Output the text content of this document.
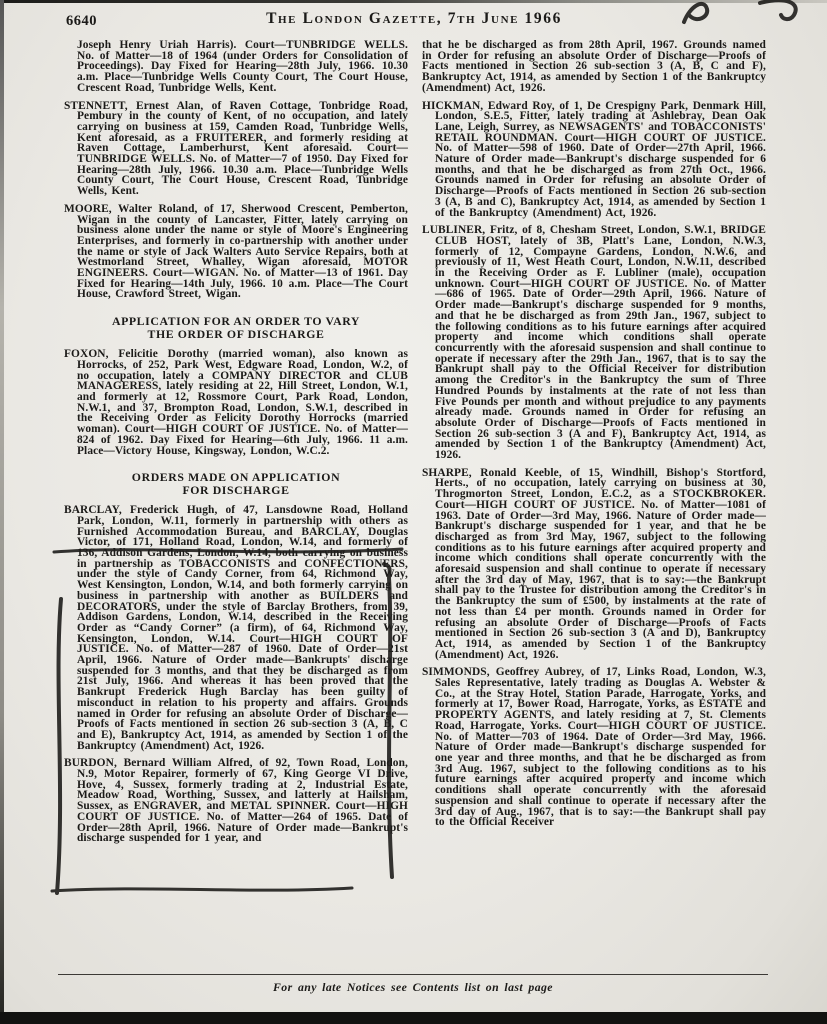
6640	The London Gazette, 7th June 1966

Joseph Henry Uriah Harris). Court—TUNBRIDGE WELLS. No. of Matter—18 of 1964 (under Orders for Consolidation of Proceedings). Day Fixed for Hearing—28th July, 1966. 10.30 a.m. Place—Tunbridge Wells County Court, The Court House, Crescent Road, Tunbridge Wells, Kent.

STENNETT, Ernest Alan, of Raven Cottage, Tonbridge Road, Pembury in the county of Kent, of no occupation, and lately carrying on business at 159, Camden Road, Tunbridge Wells, Kent aforesaid, as a FRUITERER, and formerly residing at Raven Cottage, Lamberhurst, Kent aforesaid. Court—TUNBRIDGE WELLS. No. of Matter—7 of 1950. Day Fixed for Hearing—28th July, 1966. 10.30 a.m. Place—Tunbridge Wells County Court, The Court House, Crescent Road, Tunbridge Wells, Kent.

MOORE, Walter Roland, of 17, Sherwood Crescent, Pemberton, Wigan in the county of Lancaster, Fitter, lately carrying on business alone under the name or style of Moore's Engineering Enterprises, and formerly in co-partnership with another under the name or style of Jack Walters Auto Service Repairs, both at Westmorland Street, Whalley, Wigan aforesaid, MOTOR ENGINEERS. Court—WIGAN. No. of Matter—13 of 1961. Day Fixed for Hearing—14th July, 1966. 10 a.m. Place—The Court House, Crawford Street, Wigan.

APPLICATION FOR AN ORDER TO VARY
THE ORDER OF DISCHARGE

FOXON, Felicitie Dorothy (married woman), also known as Horrocks, of 252, Park West, Edgware Road, London, W.2, of no occupation, lately a COMPANY DIRECTOR and CLUB MANAGERESS, lately residing at 22, Hill Street, London, W.1, and formerly at 12, Rossmore Court, Park Road, London, N.W.1, and 37, Brompton Road, London, S.W.1, described in the Receiving Order as Felicity Dorothy Horrocks (married woman). Court—HIGH COURT OF JUSTICE. No. of Matter—824 of 1962. Day Fixed for Hearing—6th July, 1966. 11 a.m. Place—Victory House, Kingsway, London, W.C.2.

ORDERS MADE ON APPLICATION
FOR DISCHARGE

BARCLAY, Frederick Hugh, of 47, Lansdowne Road, Holland Park, London, W.11, formerly in partnership with others as Furnished Accommodation Bureau, and BARCLAY, Douglas Victor, of 171, Holland Road, London, W.14, and formerly of 136, Addison Gardens, London, W.14, both carrying on business in partnership as TOBACCONISTS and CONFECTIONERS, under the style of Candy Corner, from 64, Richmond Way, West Kensington, London, W.14, and both formerly carrying on business in partnership with another as BUILDERS and DECORATORS, under the style of Barclay Brothers, from 39, Addison Gardens, London, W.14, described in the Receiving Order as “Candy Corner” (a firm), of 64, Richmond Way, Kensington, London, W.14. Court—HIGH COURT OF JUSTICE. No. of Matter—287 of 1960. Date of Order—21st April, 1966. Nature of Order made—Bankrupts' discharge suspended for 3 months, and that they be discharged as from 21st July, 1966. And whereas it has been proved that the Bankrupt Frederick Hugh Barclay has been guilty of misconduct in relation to his property and affairs. Grounds named in Order for refusing an absolute Order of Discharge—Proofs of Facts mentioned in section 26 sub-section 3 (A, B, C and E), Bankruptcy Act, 1914, as amended by Section 1 of the Bankruptcy (Amendment) Act, 1926.

BURDON, Bernard William Alfred, of 92, Town Road, London, N.9, Motor Repairer, formerly of 67, King George VI Drive, Hove, 4, Sussex, formerly trading at 2, Industrial Estate, Meadow Road, Worthing, Sussex, and latterly at Hailsham, Sussex, as ENGRAVER, and METAL SPINNER. Court—HIGH COURT OF JUSTICE. No. of Matter—264 of 1965. Date of Order—28th April, 1966. Nature of Order made—Bankrupt's discharge suspended for 1 year, and

that he be discharged as from 28th April, 1967. Grounds named in Order for refusing an absolute Order of Discharge—Proofs of Facts mentioned in Section 26 sub-section 3 (A, B, C and F), Bankruptcy Act, 1914, as amended by Section 1 of the Bankruptcy (Amendment) Act, 1926.

HICKMAN, Edward Roy, of 1, De Crespigny Park, Denmark Hill, London, S.E.5, Fitter, lately trading at Ashlebray, Dean Oak Lane, Leigh, Surrey, as NEWSAGENTS' and TOBACCONISTS' RETAIL ROUNDMAN. Court—HIGH COURT OF JUSTICE. No. of Matter—598 of 1960. Date of Order—27th April, 1966. Nature of Order made—Bankrupt's discharge suspended for 6 months, and that he be discharged as from 27th Oct., 1966. Grounds named in Order for refusing an absolute Order of Discharge—Proofs of Facts mentioned in Section 26 sub-section 3 (A, B and C), Bankruptcy Act, 1914, as amended by Section 1 of the Bankruptcy (Amendment) Act, 1926.

LUBLINER, Fritz, of 8, Chesham Street, London, S.W.1, BRIDGE CLUB HOST, lately of 3B, Platt's Lane, London, N.W.3, formerly of 12, Compayne Gardens, London, N.W.6, and previously of 11, West Heath Court, London, N.W.11, described in the Receiving Order as F. Lubliner (male), occupation unknown. Court—HIGH COURT OF JUSTICE. No. of Matter—686 of 1965. Date of Order—29th April, 1966. Nature of Order made—Bankrupt's discharge suspended for 9 months, and that he be discharged as from 29th Jan., 1967, subject to the following conditions as to his future earnings after acquired property and income which conditions shall operate concurrently with the aforesaid suspension and shall continue to operate if necessary after the 29th Jan., 1967, that is to say the Bankrupt shall pay to the Official Receiver for distribution among the Creditor's in the Bankruptcy the sum of Three Hundred Pounds by instalments at the rate of not less than Five Pounds per month and without prejudice to any payments already made. Grounds named in Order for refusing an absolute Order of Discharge—Proofs of Facts mentioned in Section 26 sub-section 3 (A and F), Bankruptcy Act, 1914, as amended by Section 1 of the Bankruptcy (Amendment) Act, 1926.

SHARPE, Ronald Keeble, of 15, Windhill, Bishop's Stortford, Herts., of no occupation, lately carrying on business at 30, Throgmorton Street, London, E.C.2, as a STOCKBROKER. Court—HIGH COURT OF JUSTICE. No. of Matter—1081 of 1963. Date of Order—3rd May, 1966. Nature of Order made—Bankrupt's discharge suspended for 1 year, and that he be discharged as from 3rd May, 1967, subject to the following conditions as to his future earnings after acquired property and income which conditions shall operate concurrently with the aforesaid suspension and shall continue to operate if necessary after the 3rd day of May, 1967, that is to say:—the Bankrupt shall pay to the Trustee for distribution among the Creditor's in the Bankruptcy the sum of £500, by instalments at the rate of not less than £4 per month. Grounds named in Order for refusing an absolute Order of Discharge—Proofs of Facts mentioned in Section 26 sub-section 3 (A and D), Bankruptcy Act, 1914, as amended by Section 1 of the Bankruptcy (Amendment) Act, 1926.

SIMMONDS, Geoffrey Aubrey, of 17, Links Road, London, W.3, Sales Representative, lately trading as Douglas A. Webster & Co., at the Stray Hotel, Station Parade, Harrogate, Yorks, and formerly at 17, Bower Road, Harrogate, Yorks, as ESTATE and PROPERTY AGENTS, and lately residing at 7, St. Clements Road, Harrogate, Yorks. Court—HIGH COURT OF JUSTICE. No. of Matter—703 of 1964. Date of Order—3rd May, 1966. Nature of Order made—Bankrupt's discharge suspended for one year and three months, and that he be discharged as from 3rd Aug. 1967, subject to the following conditions as to his future earnings after acquired property and income which conditions shall operate concurrently with the aforesaid suspension and shall continue to operate if necessary after the 3rd day of Aug., 1967, that is to say:—the Bankrupt shall pay to the Official Receiver

For any late Notices see Contents list on last page
